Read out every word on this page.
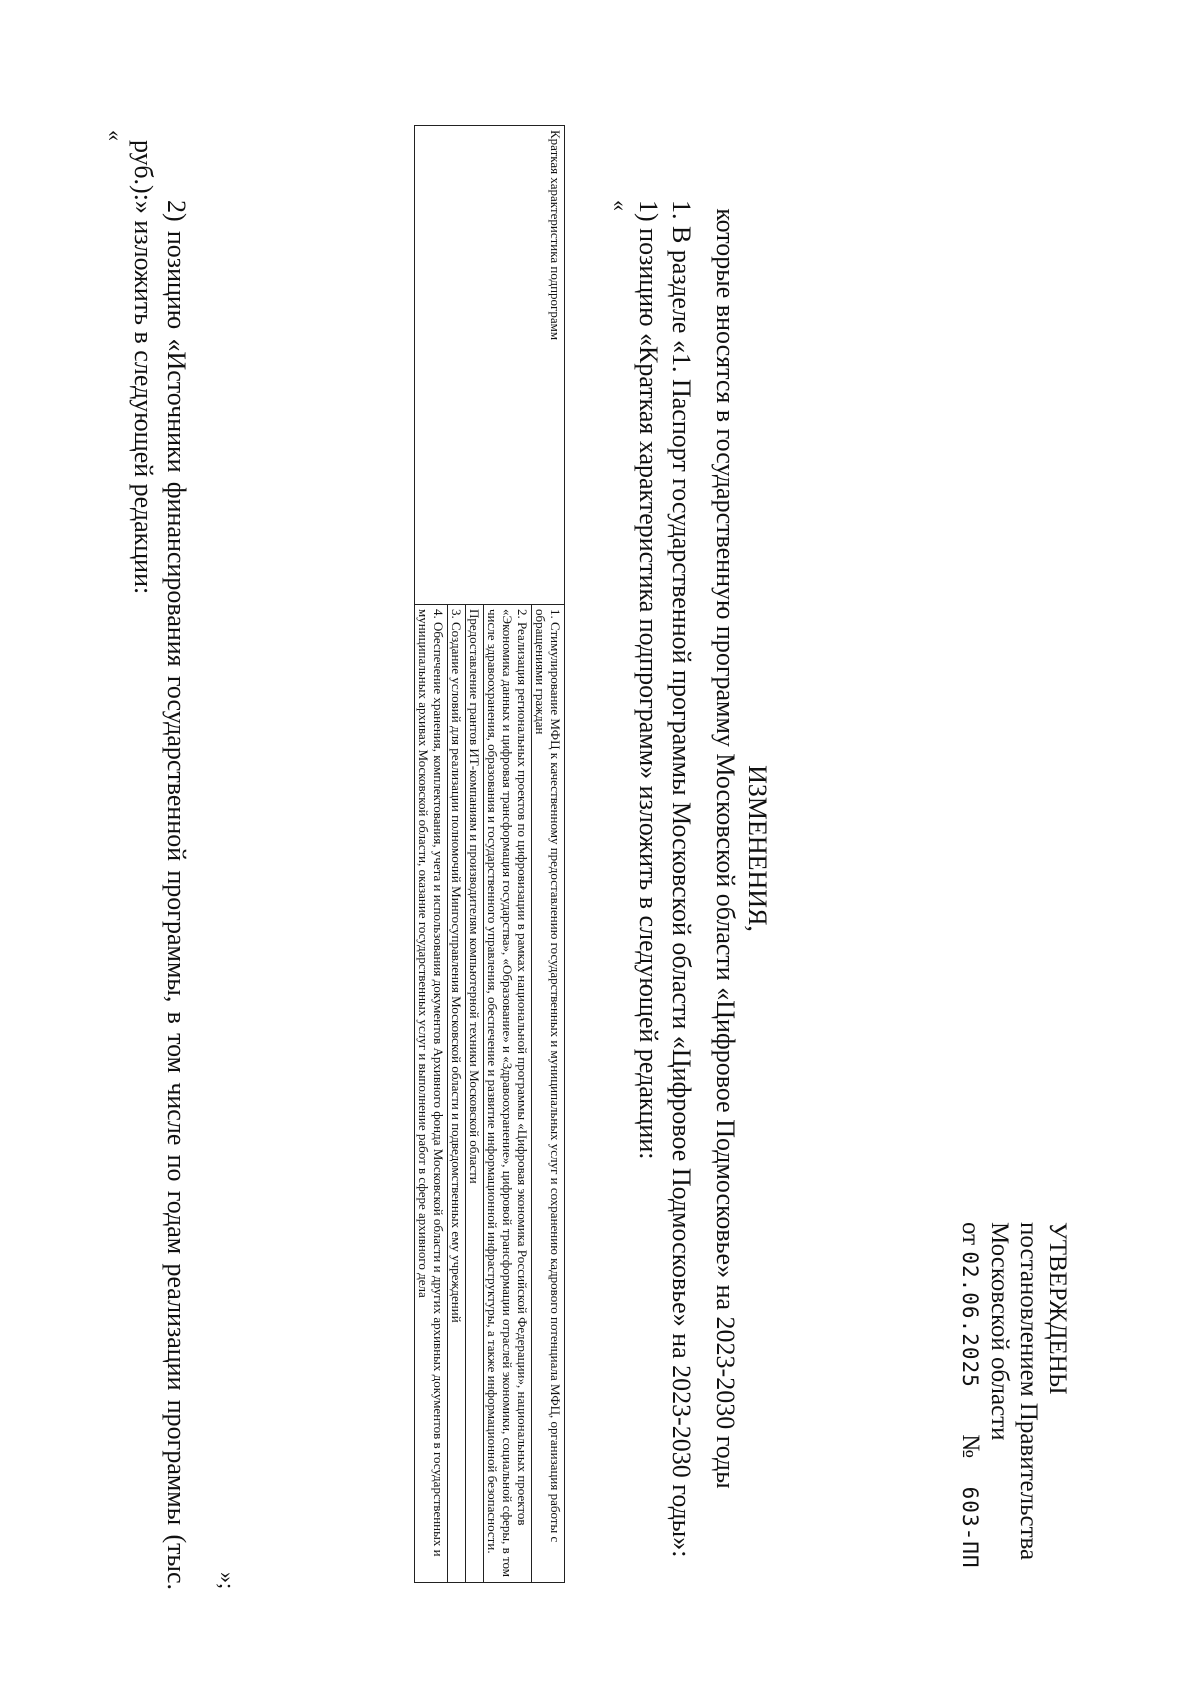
УТВЕРЖДЕНЫ
постановлением Правительства
Московской области
от 02.06.2025  №  603-ПП
ИЗМЕНЕНИЯ,
которые вносятся в государственную программу Московской области «Цифровое Подмосковье» на 2023-2030 годы
1. В разделе «1. Паспорт государственной программы Московской области «Цифровое Подмосковье» на 2023-2030 годы»:
1) позицию «Краткая характеристика подпрограмм» изложить в следующей редакции:
«
Краткая характеристика подпрограмм	1. Стимулирование МФЦ к качественному предоставлению государственных и муниципальных услуг и сохранению кадрового потенциала МФЦ, организация работы с обращениями граждан
2. Реализация региональных проектов по цифровизации в рамках национальной программы «Цифровая экономика Российской Федерации», национальных проектов «Экономика данных и цифровая трансформация государства», «Образование» и «Здравоохранение», цифровой трансформации отраслей экономики, социальной сферы, в том числе здравоохранения, образования и государственного управления, обеспечение и развитие информационной инфраструктуры, а также информационной безопасности.
Предоставление грантов ИТ-компаниям и производителям компьютерной техники Московской области
3. Создание условий для реализации полномочий Мингосуправления Московской области и подведомственных ему учреждений
4. Обеспечение хранения, комплектования, учета и использования документов Архивного фонда Московской области и других архивных документов в государственных и муниципальных архивах Московской области, оказание государственных услуг и выполнение работ в сфере архивного дела
»;
2) позицию «Источники финансирования государственной программы, в том числе по годам реализации программы (тыс. руб.):» изложить в следующей редакции:
«
